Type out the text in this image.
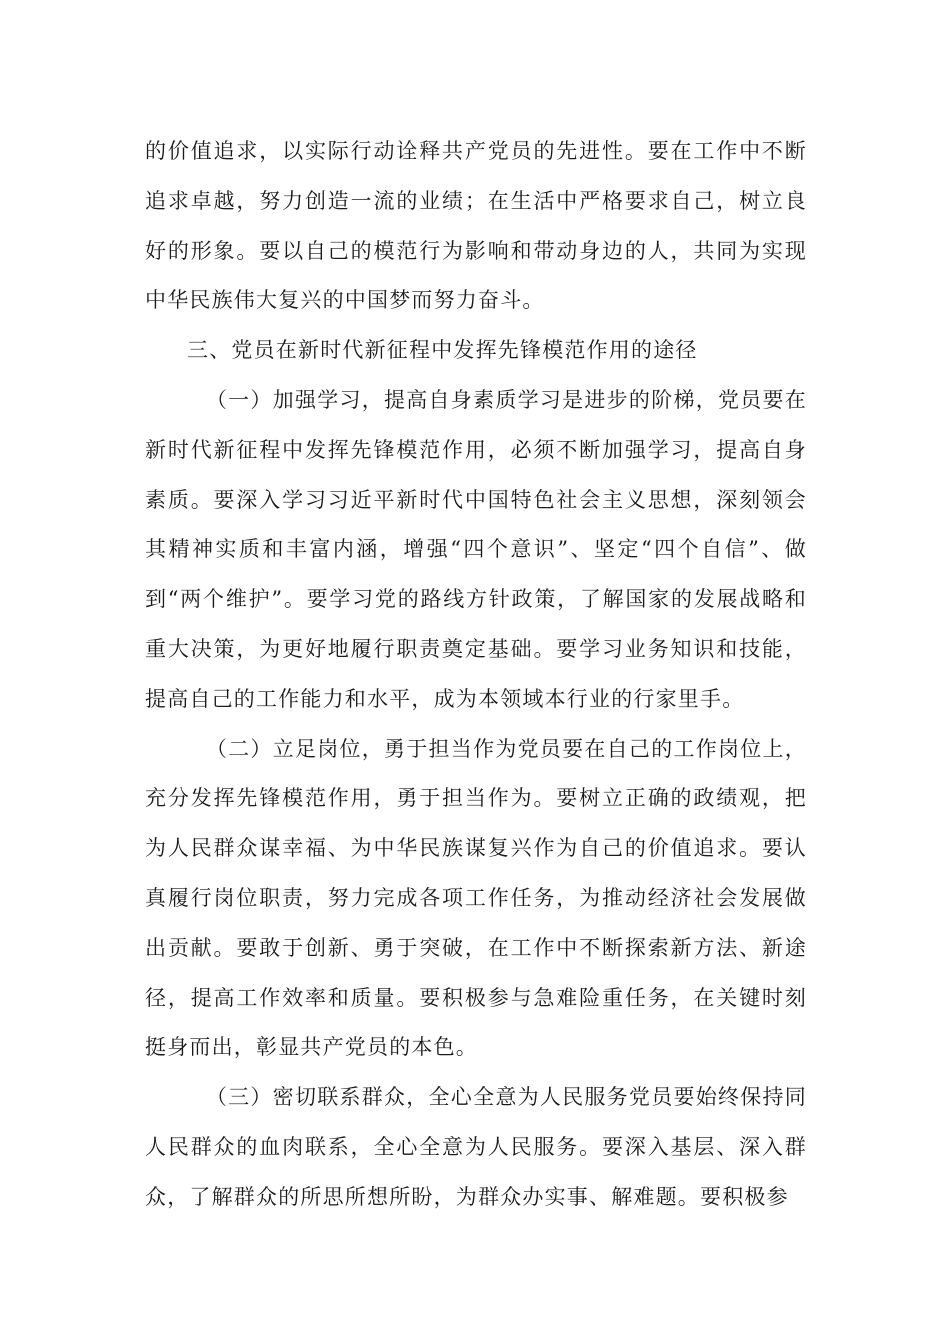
的价值追求，以实际行动诠释共产党员的先进性。要在工作中不断追求卓越，努力创造一流的业绩；在生活中严格要求自己，树立良好的形象。要以自己的模范行为影响和带动身边的人，共同为实现中华民族伟大复兴的中国梦而努力奋斗。

三、党员在新时代新征程中发挥先锋模范作用的途径

（一）加强学习，提高自身素质学习是进步的阶梯，党员要在新时代新征程中发挥先锋模范作用，必须不断加强学习，提高自身素质。要深入学习习近平新时代中国特色社会主义思想，深刻领会其精神实质和丰富内涵，增强“四个意识”、坚定“四个自信”、做到“两个维护”。要学习党的路线方针政策，了解国家的发展战略和重大决策，为更好地履行职责奠定基础。要学习业务知识和技能，提高自己的工作能力和水平，成为本领域本行业的行家里手。

（二）立足岗位，勇于担当作为党员要在自己的工作岗位上，充分发挥先锋模范作用，勇于担当作为。要树立正确的政绩观，把为人民群众谋幸福、为中华民族谋复兴作为自己的价值追求。要认真履行岗位职责，努力完成各项工作任务，为推动经济社会发展做出贡献。要敢于创新、勇于突破，在工作中不断探索新方法、新途径，提高工作效率和质量。要积极参与急难险重任务，在关键时刻挺身而出，彰显共产党员的本色。

（三）密切联系群众，全心全意为人民服务党员要始终保持同人民群众的血肉联系，全心全意为人民服务。要深入基层、深入群众，了解群众的所思所想所盼，为群众办实事、解难题。要积极参
